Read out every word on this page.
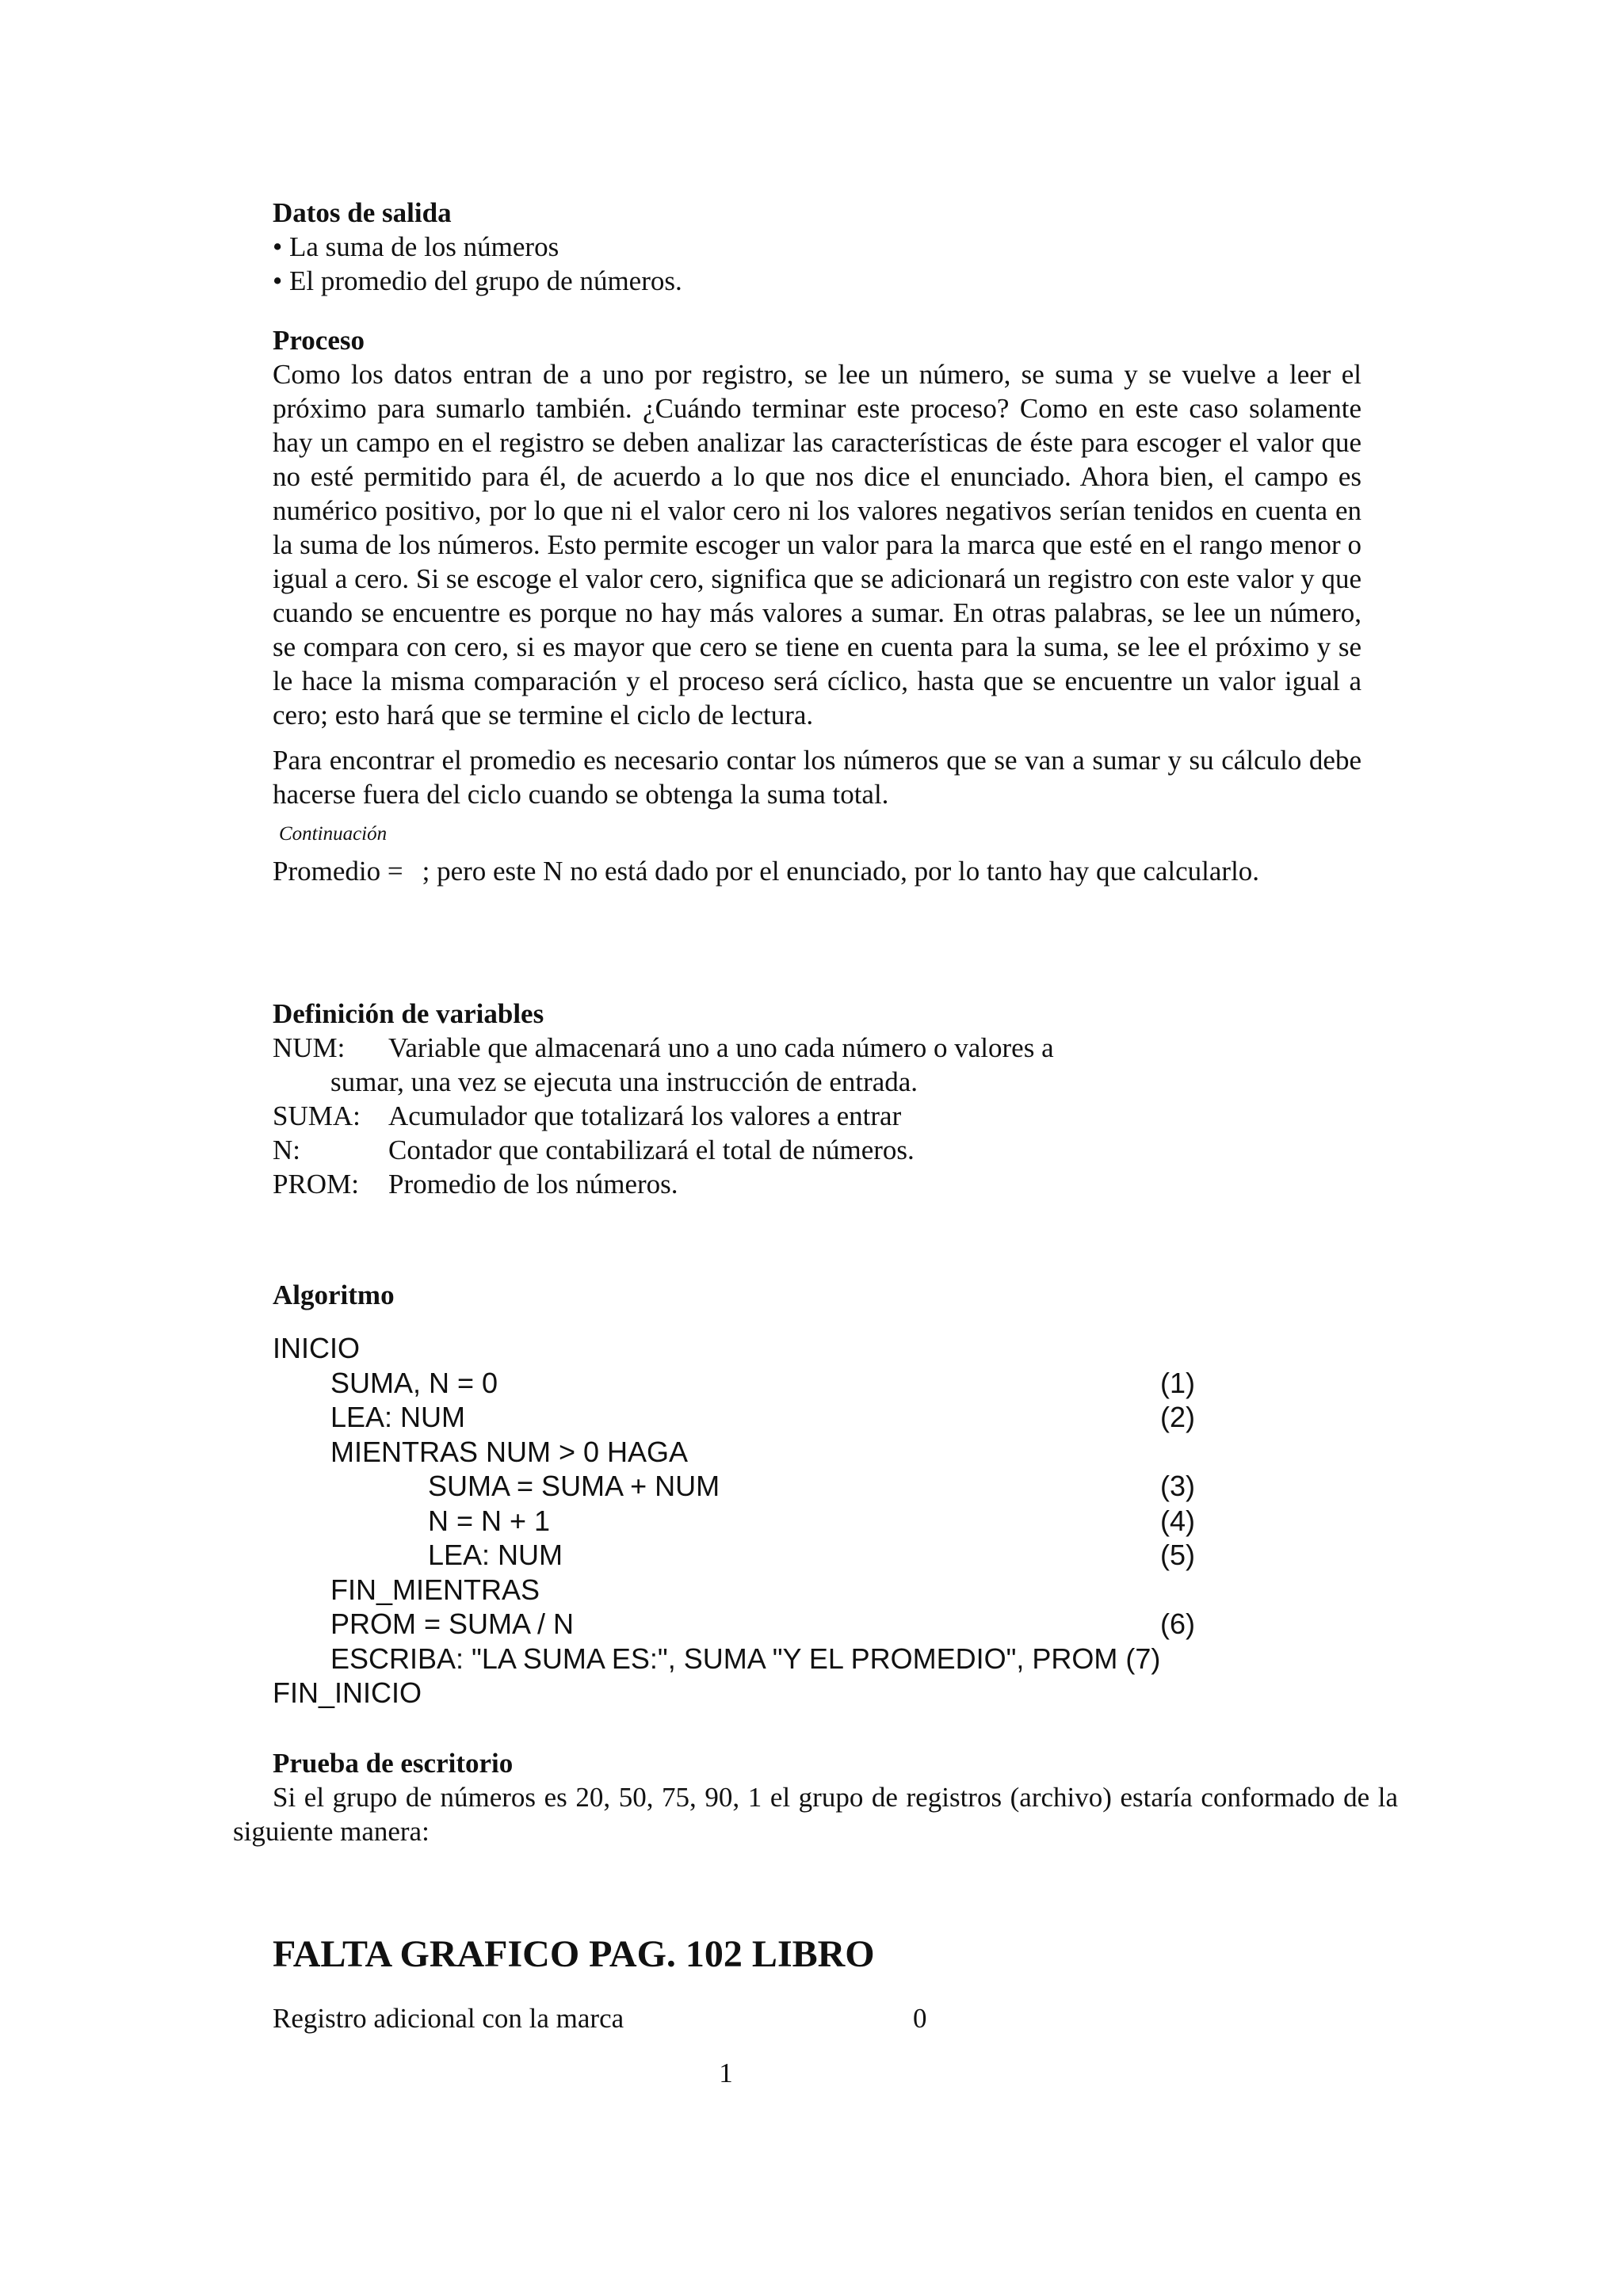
Datos de salida

• La suma de los números

• El promedio del grupo de números.

Proceso

Como los datos entran de a uno por registro, se lee un número, se suma y se vuelve a leer el próximo para sumarlo también. ¿Cuándo terminar este proceso? Como en este caso solamente hay un campo en el registro se deben analizar las características de éste para escoger el valor que no esté permitido para él, de acuerdo a lo que nos dice el enunciado. Ahora bien, el campo es numérico positivo, por lo que ni el valor cero ni los valores negativos serían tenidos en cuenta en la suma de los números. Esto permite escoger un valor para la marca que esté en el rango menor o igual a cero. Si se escoge el valor cero, significa que se adicionará un registro con este valor y que cuando se encuentre es porque no hay más valores a sumar. En otras palabras, se lee un número, se compara con cero, si es mayor que cero se tiene en cuenta para la suma, se lee el próximo y se le hace la misma comparación y el proceso será cíclico, hasta que se encuentre un valor igual a cero; esto hará que se termine el ciclo de lectura.

Para encontrar el promedio es necesario contar los números que se van a sumar y su cálculo debe hacerse fuera del ciclo cuando se obtenga la suma total.

Continuación

Promedio = ; pero este N no está dado por el enunciado, por lo tanto hay que calcularlo.

Definición de variables

NUM:	Variable que almacenará uno a uno cada número o valores a
sumar, una vez se ejecuta una instrucción de entrada.
SUMA:	Acumulador que totalizará los valores a entrar
N:	Contador que contabilizará el total de números.
PROM:	Promedio de los números.

Algoritmo

INICIO
SUMA, N = 0	(1)
LEA: NUM	(2)
MIENTRAS NUM > 0 HAGA
SUMA = SUMA + NUM	(3)
N = N + 1	(4)
LEA: NUM	(5)
FIN_MIENTRAS
PROM = SUMA / N	(6)
ESCRIBA: "LA SUMA ES:", SUMA "Y EL PROMEDIO", PROM (7)
FIN_INICIO

Prueba de escritorio

Si el grupo de números es 20, 50, 75, 90, 1 el grupo de registros (archivo) estaría conformado de la siguiente manera:

FALTA GRAFICO PAG. 102 LIBRO

Registro adicional con la marca	0

1
